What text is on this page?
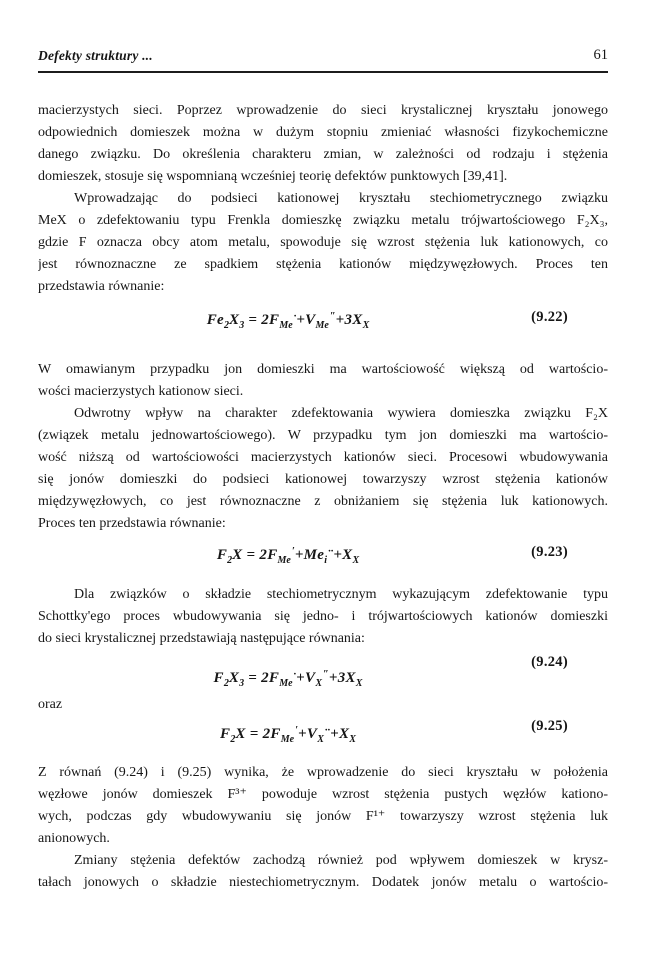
Defekty struktury ...	61
macierzystych sieci. Poprzez wprowadzenie do sieci krystalicznej kryształu jonowego
odpowiednich domieszek można w dużym stopniu zmieniać własności fizykochemiczne
danego związku. Do określenia charakteru zmian, w zależności od rodzaju i stężenia
domieszek, stosuje się wspomnianą wcześniej teorię defektów punktowych [39,41].
Wprowadzając do podsieci kationowej kryształu stechiometrycznego związku
MeX o zdefektowaniu typu Frenkla domieszkę związku metalu trójwartościowego F₂X₃,
gdzie F oznacza obcy atom metalu, spowoduje się wzrost stężenia luk kationowych, co
jest równoznaczne ze spadkiem stężenia kationów międzywęzłowych. Proces ten
przedstawia równanie:
$Fe_2X_3 = 2F_{Me}^\cdot+V_{Me}''+3X_X$
(9.22)
W omawianym przypadku jon domieszki ma wartościowość większą od wartościo-
wości macierzystych kationow sieci.
Odwrotny wpływ na charakter zdefektowania wywiera domieszka związku F₂X
(związek metalu jednowartościowego). W przypadku tym jon domieszki ma wartościo-
wość niższą od wartościowości macierzystych kationów sieci. Procesowi wbudowywania
się jonów domieszki do podsieci kationowej towarzyszy wzrost stężenia kationów
międzywęzłowych, co jest równoznaczne z obniżaniem się stężenia luk kationowych.
Proces ten przedstawia równanie:
$F_2X = 2F_{Me}'+Me_i^{\cdot\cdot}+X_X$
(9.23)
Dla związków o składzie stechiometrycznym wykazującym zdefektowanie typu
Schottky'ego proces wbudowywania się jedno- i trójwartościowych kationów domieszki
do sieci krystalicznej przedstawiają następujące równania:
$F_2X_3 = 2F_{Me}^\cdot+V_X''+3X_X$
(9.24)
oraz
$F_2X = 2F_{Me}'+V_X^{\cdot\cdot}+X_X$
(9.25)
Z równań (9.24) i (9.25) wynika, że wprowadzenie do sieci kryształu w położenia
węzłowe jonów domieszek F³⁺ powoduje wzrost stężenia pustych węzłów kationo-
wych, podczas gdy wbudowywaniu się jonów F¹⁺ towarzyszy wzrost stężenia luk
anionowych.
Zmiany stężenia defektów zachodzą również pod wpływem domieszek w krysz-
tałach jonowych o składzie niestechiometrycznym. Dodatek jonów metalu o wartościo-
